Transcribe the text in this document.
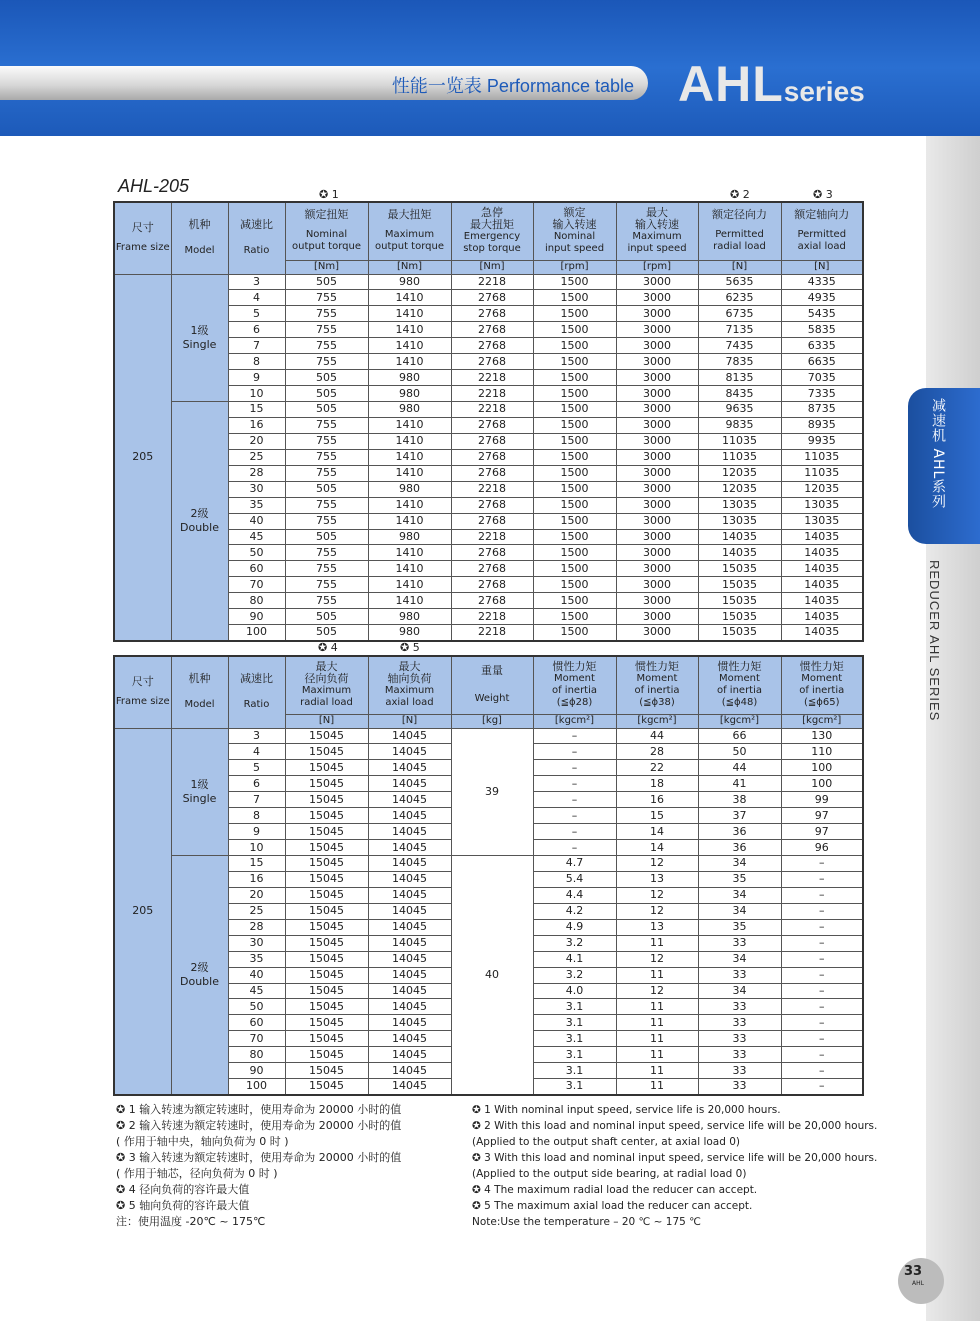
性能一览表 Performance table AHLseries
减速机 AHL系列
REDUCER AHL SERIES
33
AHL
AHL-205	✪ 1	✪ 2	✪ 3
尺寸
Frame size	机种
Model	减速比
Ratio	额定扭矩
Nominal
output torque	最大扭矩
Maximum
output torque	急停
最大扭矩
Emergency
stop torque	额定
输入转速
Nominal
input speed	最大
输入转速
Maximum
input speed	额定径向力
Permitted
radial load	额定轴向力
Permitted
axial load

			[Nm]	[Nm]	[Nm]	[rpm]	[rpm]	[N]	[N]
205	1级
Single	3	505	980	2218	1500	3000	5635	4335
		4	755	1410	2768	1500	3000	6235	4935
		5	755	1410	2768	1500	3000	6735	5435
		6	755	1410	2768	1500	3000	7135	5835
		7	755	1410	2768	1500	3000	7435	6335
		8	755	1410	2768	1500	3000	7835	6635
		9	505	980	2218	1500	3000	8135	7035
		10	505	980	2218	1500	3000	8435	7335

	2级
Double	15	505	980	2218	1500	3000	9635	8735
		16	755	1410	2768	1500	3000	9835	8935
		20	755	1410	2768	1500	3000	11035	9935
		25	755	1410	2768	1500	3000	11035	11035
		28	755	1410	2768	1500	3000	12035	11035
		30	505	980	2218	1500	3000	12035	12035
		35	755	1410	2768	1500	3000	13035	13035
		40	755	1410	2768	1500	3000	13035	13035
		45	505	980	2218	1500	3000	14035	14035
		50	755	1410	2768	1500	3000	14035	14035
		60	755	1410	2768	1500	3000	15035	14035
		70	755	1410	2768	1500	3000	15035	14035
		80	755	1410	2768	1500	3000	15035	14035
		90	505	980	2218	1500	3000	15035	14035
		100	505	980	2218	1500	3000	15035	14035
✪ 4	✪ 5
尺寸
Frame size	机种
Model	减速比
Ratio	最大
径向负荷
Maximum
radial load	最大
轴向负荷
Maximum
axial load	重量
Weight	惯性力矩
Moment
of inertia
(≦ϕ28)	惯性力矩
Moment
of inertia
(≦ϕ38)	惯性力矩
Moment
of inertia
(≦ϕ48)	惯性力矩
Moment
of inertia
(≦ϕ65)

			[N]	[N]	[kg]	[kgcm²]	[kgcm²]	[kgcm²]	[kgcm²]
205	1级
Single	3	15045	14045	39	–	44	66	130
		4	15045	14045		–	28	50	110
		5	15045	14045		–	22	44	100
		6	15045	14045		–	18	41	100
		7	15045	14045		–	16	38	99
		8	15045	14045		–	15	37	97
		9	15045	14045		–	14	36	97
		10	15045	14045		–	14	36	96

	2级
Double	15	15045	14045	40	4.7	12	34	–
		16	15045	14045		5.4	13	35	–
		20	15045	14045		4.4	12	34	–
		25	15045	14045		4.2	12	34	–
		28	15045	14045		4.9	13	35	–
		30	15045	14045		3.2	11	33	–
		35	15045	14045		4.1	12	34	–
		40	15045	14045		3.2	11	33	–
		45	15045	14045		4.0	12	34	–
		50	15045	14045		3.1	11	33	–
		60	15045	14045		3.1	11	33	–
		70	15045	14045		3.1	11	33	–
		80	15045	14045		3.1	11	33	–
		90	15045	14045		3.1	11	33	–
		100	15045	14045		3.1	11	33	–
✪ 1 输入转速为额定转速时，使用寿命为 20000 小时的值
✪ 2 输入转速为额定转速时，使用寿命为 20000 小时的值
( 作用于轴中央，轴向负荷为 0 时 )
✪ 3 输入转速为额定转速时，使用寿命为 20000 小时的值
( 作用于轴芯，径向负荷为 0 时 )
✪ 4 径向负荷的容许最大值
✪ 5 轴向负荷的容许最大值
注：使用温度 -20℃ ~ 175℃
✪ 1 With nominal input speed, service life is 20,000 hours.
✪ 2 With this load and nominal input speed, service life will be 20,000 hours.
(Applied to the output shaft center, at axial load 0)
✪ 3 With this load and nominal input speed, service life will be 20,000 hours.
(Applied to the output side bearing, at radial load 0)
✪ 4 The maximum radial load the reducer can accept.
✪ 5 The maximum axial load the reducer can accept.
Note:Use the temperature – 20 ℃ ~ 175 ℃
